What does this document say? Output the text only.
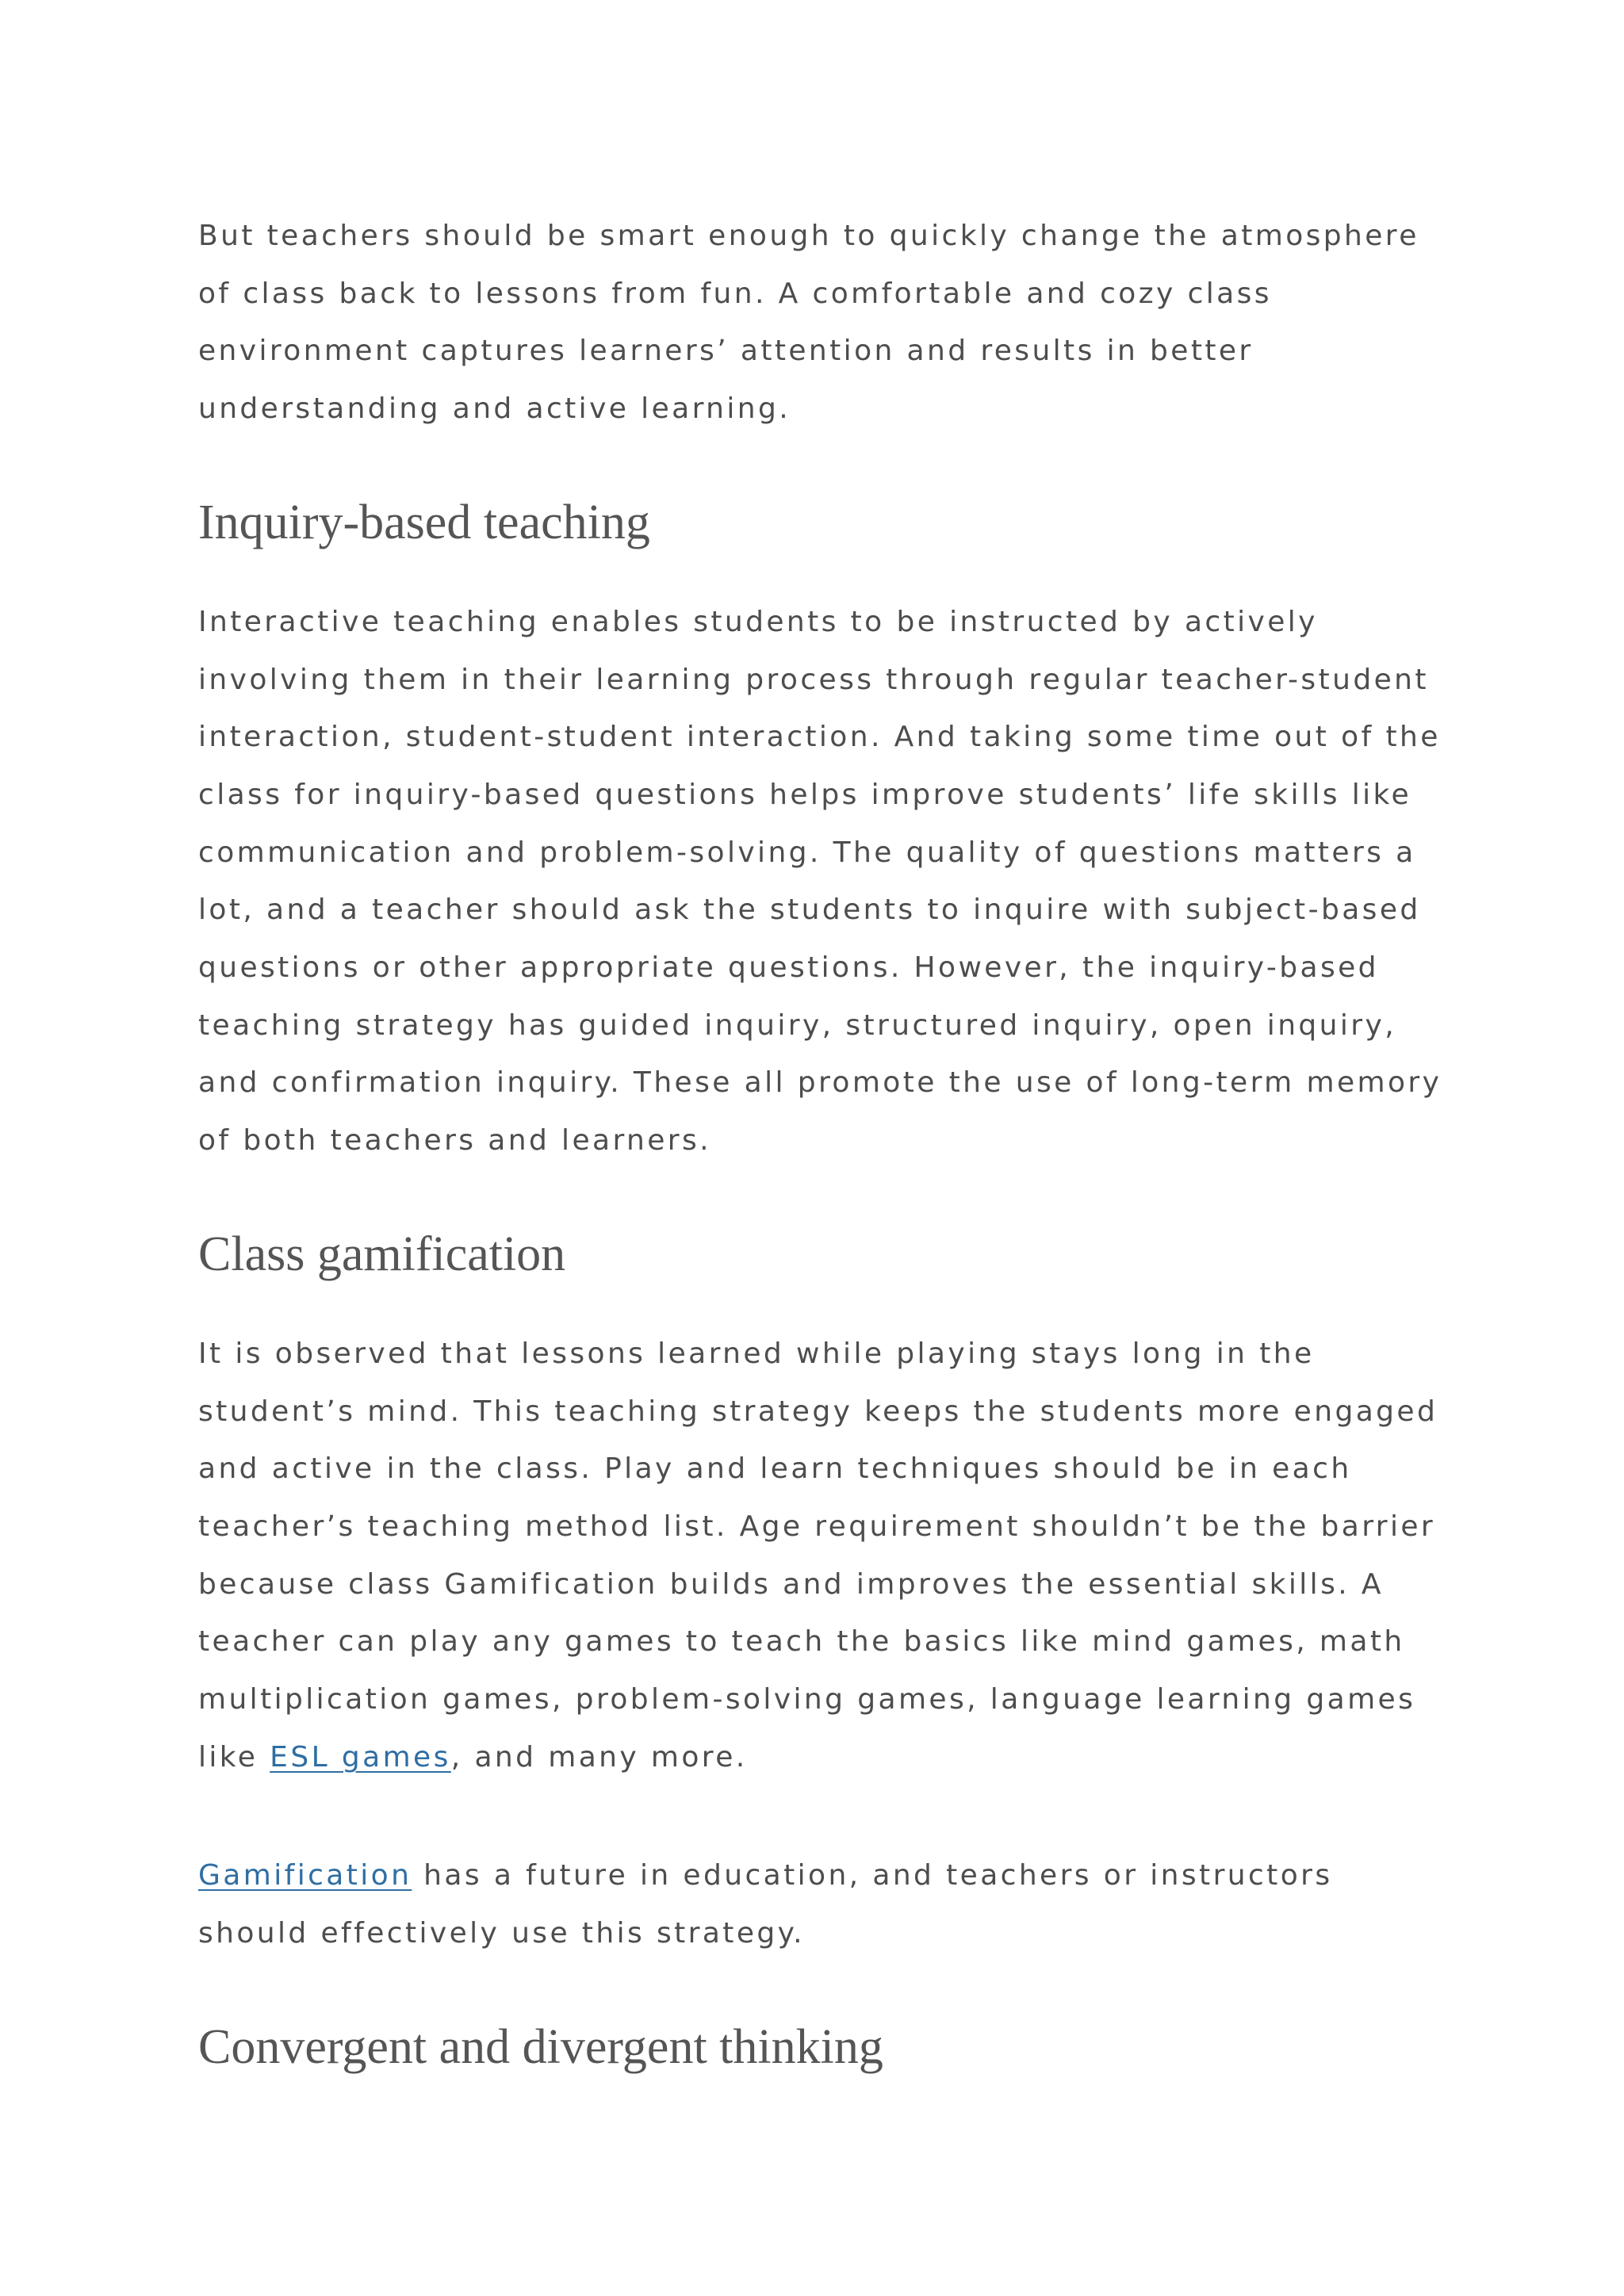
But teachers should be smart enough to quickly change the atmosphere of class back to lessons from fun. A comfortable and cozy class environment captures learners’ attention and results in better understanding and active learning.

Inquiry-based teaching

Interactive teaching enables students to be instructed by actively involving them in their learning process through regular teacher-student interaction, student-student interaction. And taking some time out of the class for inquiry-based questions helps improve students’ life skills like communication and problem-solving. The quality of questions matters a lot, and a teacher should ask the students to inquire with subject-based questions or other appropriate questions. However, the inquiry-based teaching strategy has guided inquiry, structured inquiry, open inquiry, and confirmation inquiry. These all promote the use of long-term memory of both teachers and learners.

Class gamification

It is observed that lessons learned while playing stays long in the student’s mind. This teaching strategy keeps the students more engaged and active in the class. Play and learn techniques should be in each teacher’s teaching method list. Age requirement shouldn’t be the barrier because class Gamification builds and improves the essential skills. A teacher can play any games to teach the basics like mind games, math multiplication games, problem-solving games, language learning games like ESL games, and many more.

Gamification has a future in education, and teachers or instructors should effectively use this strategy.

Convergent and divergent thinking
